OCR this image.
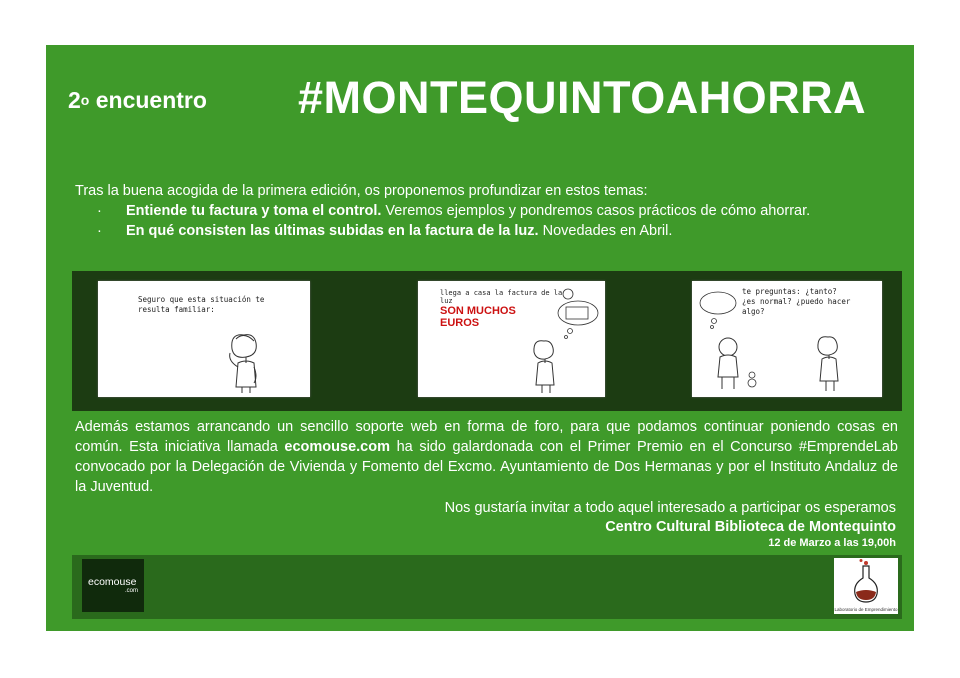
2$^o$ encuentro #MONTEQUINTOAHORRA
Tras la buena acogida de la primera edición, os proponemos profundizar en estos temas:
· Entiende tu factura y toma el control. Veremos ejemplos y pondremos casos prácticos de cómo ahorrar.
· En qué consisten las últimas subidas en la factura de la luz. Novedades en Abril.
Seguro que esta situación te resulta familiar:
llega a casa la factura de la luz
SON MUCHOS EUROS
te preguntas: ¿tanto? ¿es normal? ¿puedo hacer algo?
Además estamos arrancando un sencillo soporte web en forma de foro, para que podamos continuar poniendo cosas en común. Esta iniciativa llamada ecomouse.com ha sido galardonada con el Primer Premio en el Concurso #EmprendeLab convocado por la Delegación de Vivienda y Fomento del Excmo. Ayuntamiento de Dos Hermanas y por el Instituto Andaluz de la Juventud.
Nos gustaría invitar a todo aquel interesado a participar os esperamos
Centro Cultural Biblioteca de Montequinto
12 de Marzo a las 19,00h
ecomouse
.com
Laboratorio de Emprendimiento
